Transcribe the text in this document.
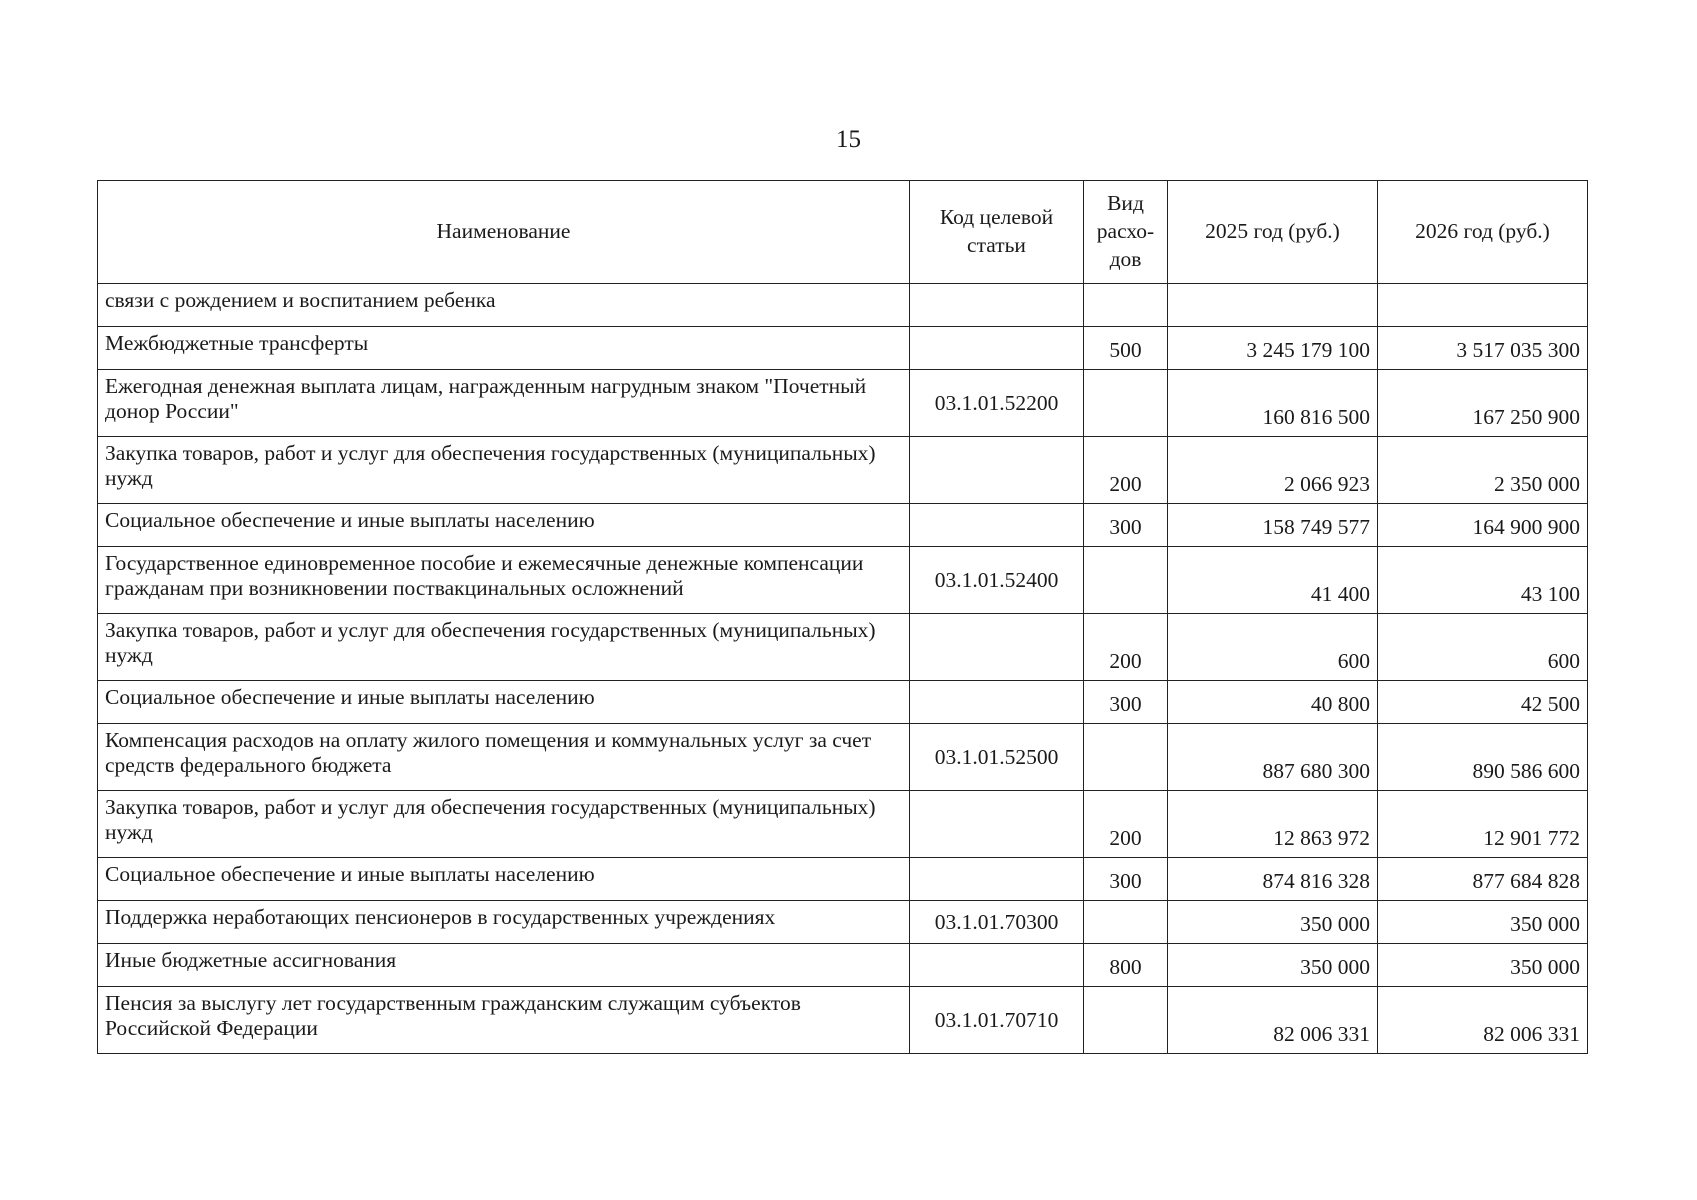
15
Наименование	Код целевой статьи	Вид расхо-дов	2025 год (руб.)	2026 год (руб.)
связи с рождением и воспитанием ребенка				
Межбюджетные трансферты		500	3 245 179 100	3 517 035 300
Ежегодная денежная выплата лицам, награжденным нагрудным знаком "Почетный донор России"	03.1.01.52200		160 816 500	167 250 900
Закупка товаров, работ и услуг для обеспечения государственных (муниципальных) нужд		200	2 066 923	2 350 000
Социальное обеспечение и иные выплаты населению		300	158 749 577	164 900 900
Государственное единовременное пособие и ежемесячные денежные компенсации гражданам при возникновении поствакцинальных осложнений	03.1.01.52400		41 400	43 100
Закупка товаров, работ и услуг для обеспечения государственных (муниципальных) нужд		200	600	600
Социальное обеспечение и иные выплаты населению		300	40 800	42 500
Компенсация расходов на оплату жилого помещения и коммунальных услуг за счет средств федерального бюджета	03.1.01.52500		887 680 300	890 586 600
Закупка товаров, работ и услуг для обеспечения государственных (муниципальных) нужд		200	12 863 972	12 901 772
Социальное обеспечение и иные выплаты населению		300	874 816 328	877 684 828
Поддержка неработающих пенсионеров в государственных учреждениях	03.1.01.70300		350 000	350 000
Иные бюджетные ассигнования		800	350 000	350 000
Пенсия за выслугу лет государственным гражданским служащим субъектов Российской Федерации	03.1.01.70710		82 006 331	82 006 331
